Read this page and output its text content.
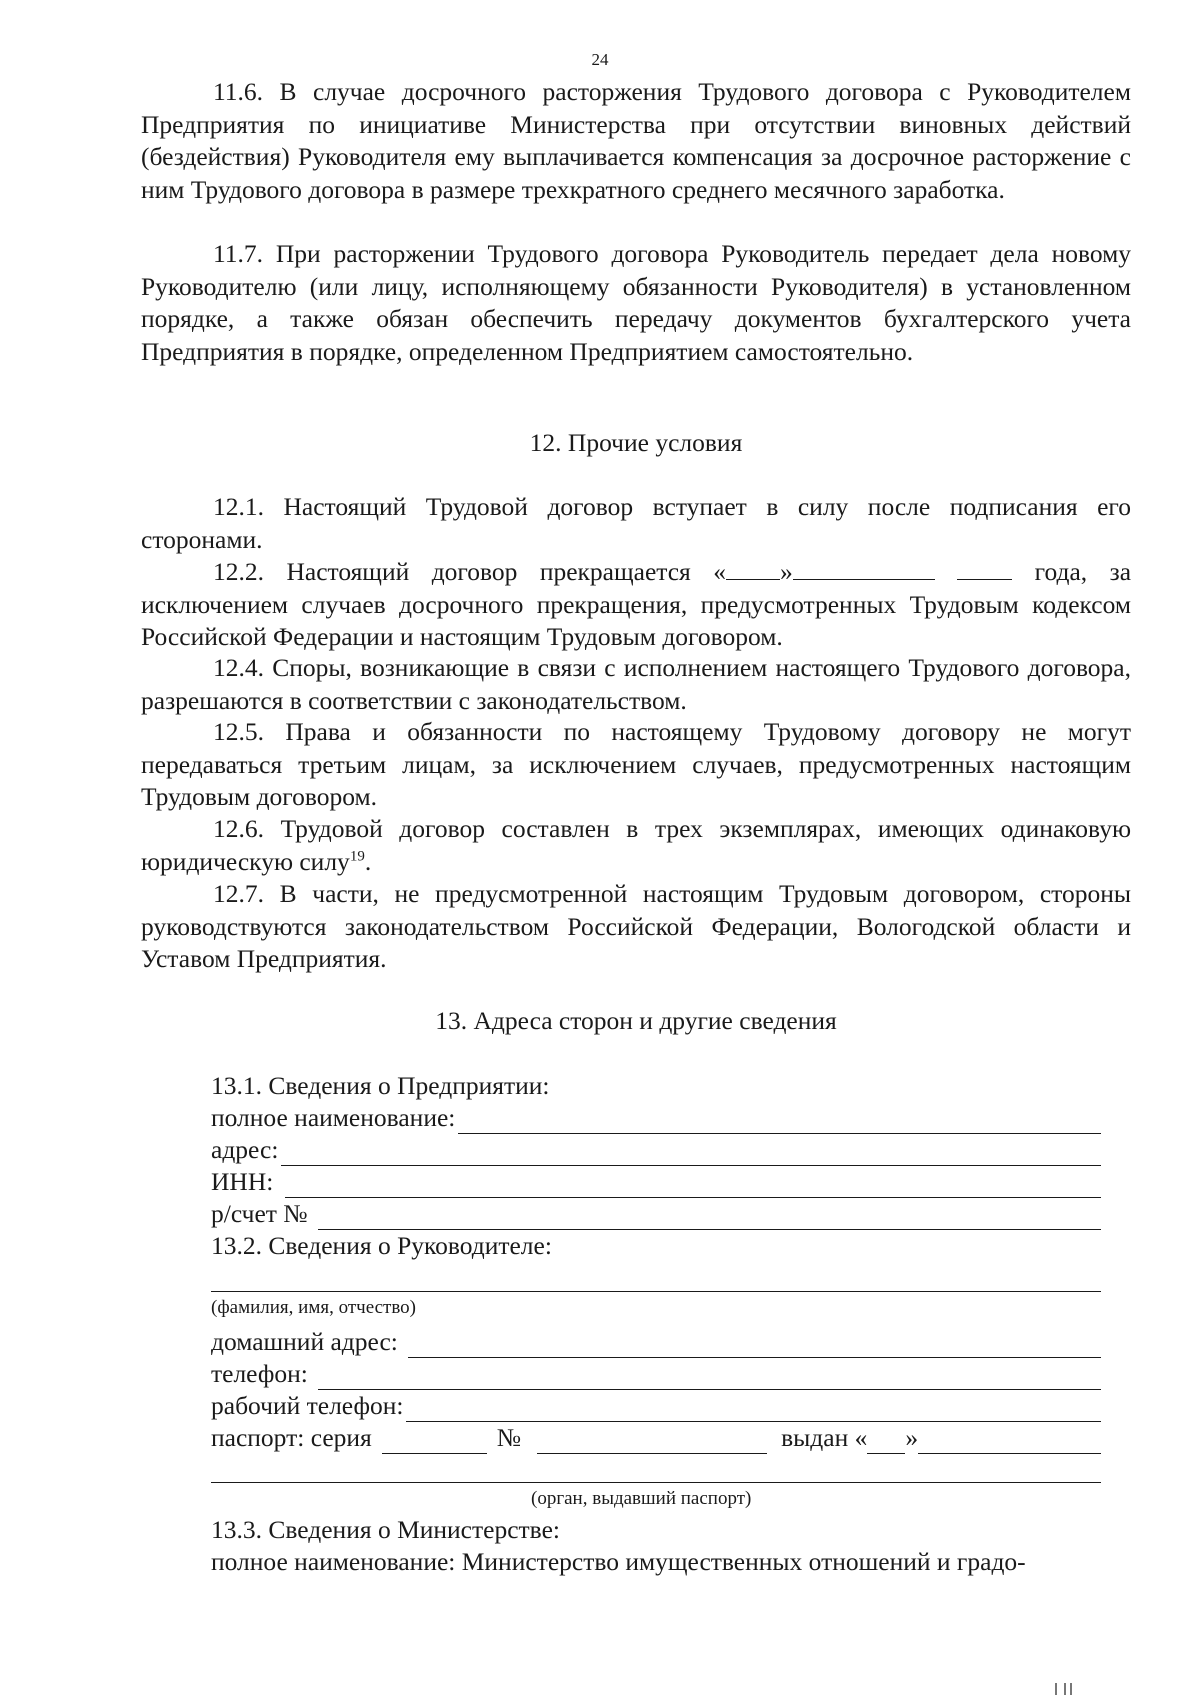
24

11.6. В случае досрочного расторжения Трудового договора с Руководителем Предприятия по инициативе Министерства при отсутствии виновных действий (бездействия) Руководителя ему выплачивается компенсация за досрочное расторжение с ним Трудового договора в размере трехкратного среднего месячного заработка.

11.7. При расторжении Трудового договора Руководитель передает дела новому Руководителю (или лицу, исполняющему обязанности Руководителя) в установленном порядке, а также обязан обеспечить передачу документов бухгалтерского учета Предприятия в порядке, определенном Предприятием самостоятельно.

12. Прочие условия

12.1. Настоящий Трудовой договор вступает в силу после подписания его сторонами.

12.2. Настоящий договор прекращается « »	года, за исключением случаев досрочного прекращения, предусмотренных Трудовым кодексом Российской Федерации и настоящим Трудовым договором.

12.4. Споры, возникающие в связи с исполнением настоящего Трудового договора, разрешаются в соответствии с законодательством.

12.5. Права и обязанности по настоящему Трудовому договору не могут передаваться третьим лицам, за исключением случаев, предусмотренных настоящим Трудовым договором.

12.6. Трудовой договор составлен в трех экземплярах, имеющих одинаковую юридическую силу$^{19}$.

12.7. В части, не предусмотренной настоящим Трудовым договором, стороны руководствуются законодательством Российской Федерации, Вологодской области и Уставом Предприятия.

13. Адреса сторон и другие сведения

13.1. Сведения о Предприятии:
полное наименование:
адрес:
ИНН:
р/счет №
13.2. Сведения о Руководителе:
(фамилия, имя, отчество)
домашний адрес:
телефон:
рабочий телефон:
паспорт: серия	№	выдан « »
(орган, выдавший паспорт)
13.3. Сведения о Министерстве:
полное наименование: Министерство имущественных отношений и градо-
